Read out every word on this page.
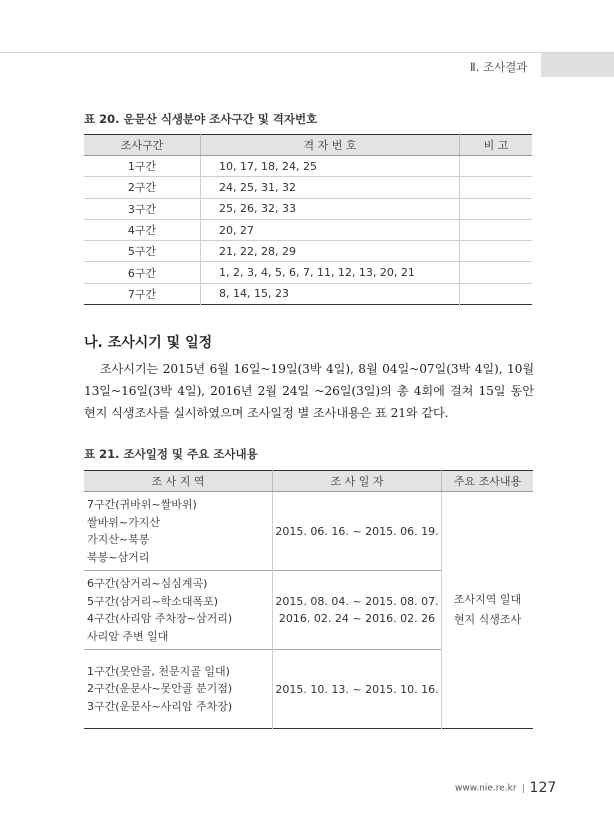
Ⅱ. 조사결과
표 20. 운문산 식생분야 조사구간 및 격자번호
조사구간	격 자 번 호	비 고
1구간	10, 17, 18, 24, 25	
2구간	24, 25, 31, 32	
3구간	25, 26, 32, 33	
4구간	20, 27	
5구간	21, 22, 28, 29	
6구간	1, 2, 3, 4, 5, 6, 7, 11, 12, 13, 20, 21	
7구간	8, 14, 15, 23	
나. 조사시기 및 일정

조사시기는 2015년 6월 16일~19일(3박 4일), 8월 04일~07일(3박 4일), 10월 13일~16일(3박 4일), 2016년 2월 24일 ~26일(3일)의 총 4회에 걸쳐 15일 동안 현지 식생조사를 실시하였으며 조사일정 별 조사내용은 표 21와 같다.

표 21. 조사일정 및 주요 조사내용
조 사 지 역	조 사 일 자	주요 조사내용

7구간(귀바위~쌀바위)
쌀바위~가지산
가지산~북봉
북봉~삼거리	2015. 06. 16. ~ 2015. 06. 19.	조사지역 일대
현지 식생조사

6구간(삼거리~심심계곡)
5구간(삼거리~학소대폭포)
4구간(사리암 주차장~삼거리)
사리암 주변 일대	2015. 08. 04. ~ 2015. 08. 07.
2016. 02. 24 ~ 2016. 02. 26	

1구간(못안골, 천문지골 일대)
2구간(운문사~못안골 분기점)
3구간(운문사~사리암 주차장)	2015. 10. 13. ~ 2015. 10. 16.	
www.nie.re.kr 127
